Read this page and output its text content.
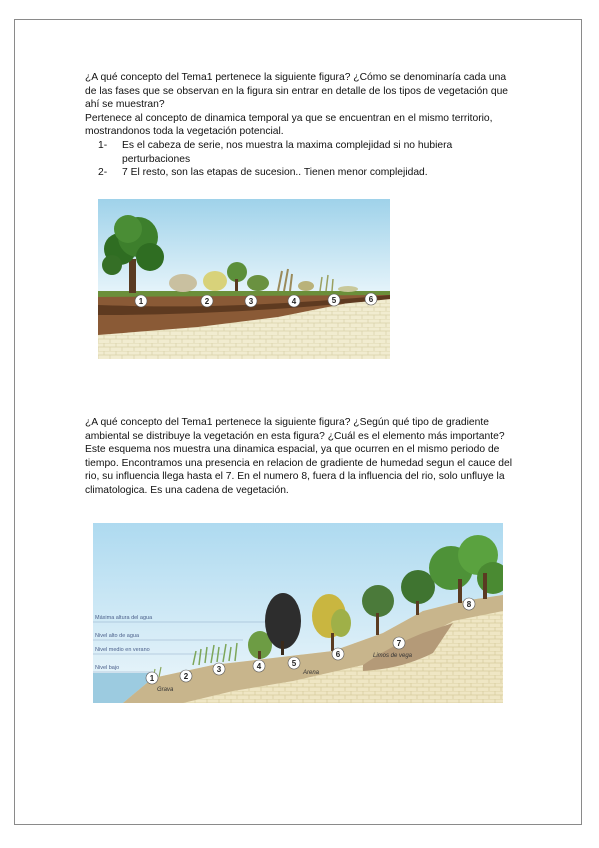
¿A qué concepto del Tema1 pertenece la siguiente figura? ¿Cómo se denominaría cada una de las fases que se observan en la figura sin entrar en detalle de los tipos de vegetación que ahí se muestran?

Pertenece al concepto de dinamica temporal ya que se encuentran en el mismo territorio, mostrandonos toda la vegetación potencial.

1- Es el cabeza de serie, nos muestra la maxima complejidad si no hubiera perturbaciones
2- 7 El resto, son las etapas de sucesion.. Tienen menor complejidad.
1	2	3	4	5	6

¿A qué concepto del Tema1 pertenece la siguiente figura? ¿Según qué tipo de gradiente ambiental se distribuye la vegetación en esta figura? ¿Cuál es el elemento más importante?

Este esquema nos muestra una dinamica espacial, ya que ocurren en el mismo periodo de tiempo. Encontramos una presencia en relacion de gradiente de humedad segun el cauce del rio, su influencia llega hasta el 7. En el numero 8, fuera d la influencia del rio, solo unfluye la climatologica. Es una cadena de vegetación.

Máxima altura del agua
Nivel alto de agua
Nivel medio en verano
Nivel bajo
Grava
Arena
Limos de vega
1	2
3	4	5
6
7
8
